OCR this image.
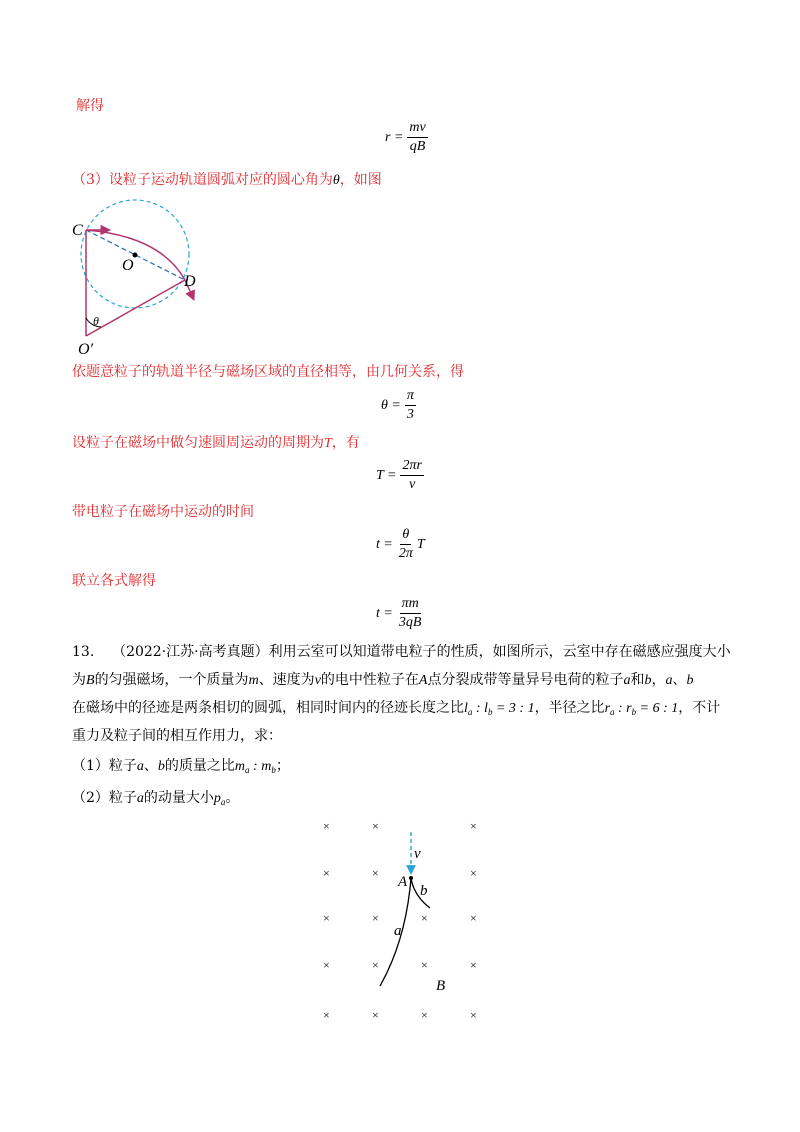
解得
$r = \frac{mv}{qB}$
（3）设粒子运动轨道圆弧对应的圆心角为θ，如图
C
O
D
O′
θ
依题意粒子的轨道半径与磁场区域的直径相等，由几何关系，得
$\theta = \frac{\pi}{3}$
设粒子在磁场中做匀速圆周运动的周期为T，有
$T = \frac{2\pi r}{v}$
带电粒子在磁场中运动的时间
$t = \frac{\theta}{2\pi}$ T
联立各式解得
$t = \frac{\pi m}{3qB}$
13. （2022·江苏·高考真题）利用云室可以知道带电粒子的性质，如图所示，云室中存在磁感应强度大小
为B的匀强磁场，一个质量为m、速度为v的电中性粒子在A点分裂成带等量异号电荷的粒子a和b，a、b
在磁场中的径迹是两条相切的圆弧，相同时间内的径迹长度之比$l_a$ : $l_b = 3$ : 1，半径之比$r_a$ : $r_b = 6$ : 1，不计
重力及粒子间的相互作用力，求：
（1）粒子a、b的质量之比$m_a$ : $m_b$；
（2）粒子a的动量大小$p_a$。
×	×	×
×	×	×
×	×	×	×
×	×	×	×
×	×	×	×
v
A
b
a
B
